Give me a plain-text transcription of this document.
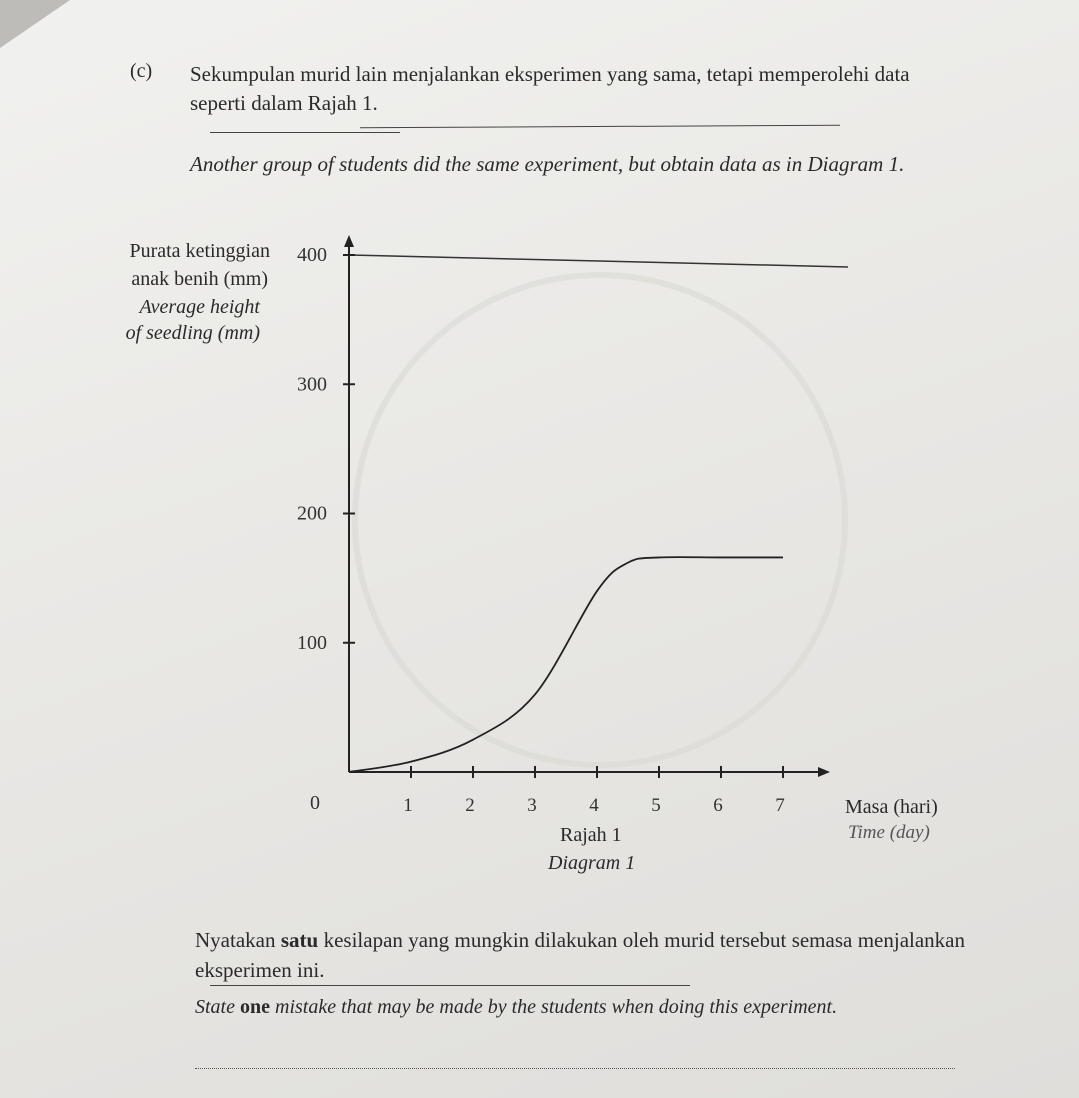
(c) Sekumpulan murid lain menjalankan eksperimen yang sama, tetapi memperolehi data seperti dalam Rajah 1.
Another group of students did the same experiment, but obtain data as in Diagram 1.
Purata ketinggian
anak benih (mm)
Average height
of seedling (mm)
0
100
200
300
400
1	2	3	4	5	6	7	Masa (hari)
Time (day)
Rajah 1
Diagram 1
Nyatakan satu kesilapan yang mungkin dilakukan oleh murid tersebut semasa menjalankan eksperimen ini.
State one mistake that may be made by the students when doing this experiment.
